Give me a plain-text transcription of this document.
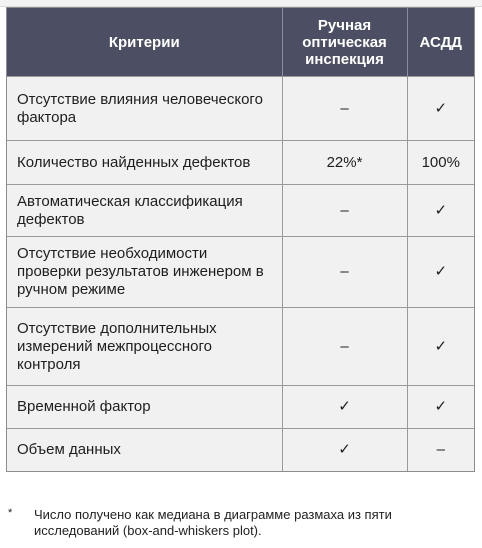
Критерии	Ручная оптическая инспекция	АСДД
Отсутствие влияния человеческого фактора	–	✓
Количество найденных дефектов	22%*	100%
Автоматическая классификация дефектов	–	✓
Отсутствие необходимости проверки результатов инженером в ручном режиме	–	✓
Отсутствие дополнительных измерений межпроцессного контроля	–	✓
Временной фактор	✓	✓
Объем данных	✓	–
* Число получено как медиана в диаграмме размаха из пяти исследований (box-and-whiskers plot).
